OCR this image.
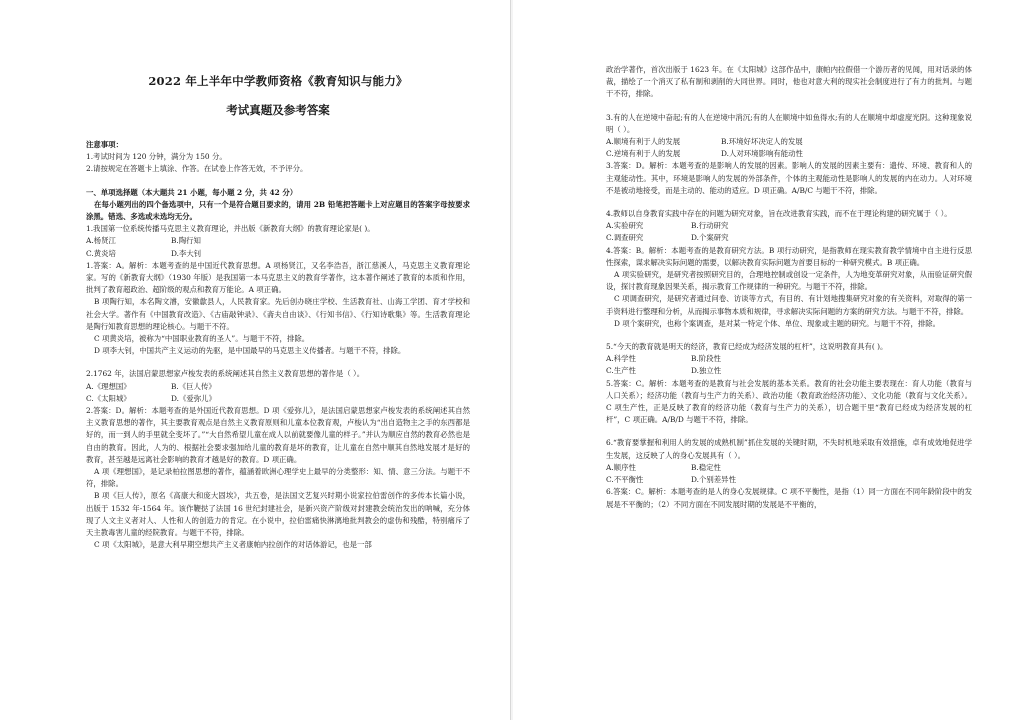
2022 年上半年中学教师资格《教育知识与能力》
考试真题及参考答案

注意事项：

1.考试时间为 120 分钟，满分为 150 分。

2.请按规定在答题卡上填涂、作答。在试卷上作答无效，不予评分。

一、单项选择题（本大题共 21 小题，每小题 2 分，共 42 分）

在每小题列出的四个备选项中，只有一个是符合题目要求的，请用 2B 铅笔把答题卡上对应题目的答案字母按要求涂黑。错选、多选或未选均无分。

1.我国第一位系统传播马克思主义教育理论，并出版《新教育大纲》的教育理论家是( )。

A.杨贤江	B.陶行知
C.黄炎培	D.李大钊

1.答案：A。解析：本题考查的是中国近代教育思想。A 项杨贤江，又名李浩吾，浙江慈溪人，马克思主义教育理论家。写的《新教育大纲》（1930 年版）是我国第一本马克思主义的教育学著作，这本著作阐述了教育的本质和作用，批判了教育超政治、超阶级的观点和教育万能论。A 项正确。

B 项陶行知，本名陶文濬，安徽歙县人，人民教育家。先后创办晓庄学校、生活教育社、山海工学团、育才学校和社会大学。著作有《中国教育改造》、《古庙敲钟录》、《斋夫自由谈》、《行知书信》、《行知诗歌集》等。生活教育理论是陶行知教育思想的理论核心。与题干不符。

C 项黄炎培，被称为“中国职业教育的圣人”。与题干不符，排除。

D 项李大钊，中国共产主义运动的先驱，是中国最早的马克思主义传播者。与题干不符，排除。

2.1762 年，法国启蒙思想家卢梭发表的系统阐述其自然主义教育思想的著作是（ ）。

A.《理想国》	B.《巨人传》
C.《太阳城》	D.《爱弥儿》

2.答案：D。解析：本题考查的是外国近代教育思想。D 项《爱弥儿》，是法国启蒙思想家卢梭发表的系统阐述其自然主义教育思想的著作，其主要教育观点是自然主义教育原则和儿童本位教育观，卢梭认为“出自造物主之手的东西都是好的，而一到人的手里就全变坏了。”“大自然希望儿童在成人以前就要像儿童的样子。”并认为顺应自然的教育必然也是自由的教育。因此，人为的、根据社会要求强加给儿童的教育是坏的教育，让儿童在自然中顺其自然地发展才是好的教育，甚至越是远离社会影响的教育才越是好的教育。D 项正确。

A 项《理想国》，是记录柏拉图思想的著作，蕴涵着欧洲心理学史上最早的分类整形：知、情、意三分法。与题干不符，排除。

B 项《巨人传》，原名《高康大和庞大固埃》，共五卷，是法国文艺复兴时期小说家拉伯雷创作的多传本长篇小说，出版于 1532 年-1564 年。该作鞭挞了法国 16 世纪封建社会，是新兴资产阶级对封建教会统治发出的呐喊，充分体现了人文主义者对人、人性和人的创造力的肯定。在小说中，拉伯雷痛快淋漓地批判教会的虚伪和残酷，特别痛斥了天主教毒害儿童的经院教育。与题干不符，排除。

C 项《太阳城》，是意大利早期空想共产主义者康帕内拉创作的对话体游记，也是一部

政治学著作，首次出版于 1623 年。在《太阳城》这部作品中，康帕内拉假借一个游历者的见闻，用对话录的体裁，描绘了一个消灭了私有制和剥削的大同世界。同时，他也对意大利的现实社会制度进行了有力的批判。与题干不符，排除。

3.有的人在逆境中奋起;有的人在逆境中消沉;有的人在顺境中如鱼得水;有的人在顺境中却虚度光阴。这种现象说明（ ）。

A.顺境有利于人的发展	B.环境好坏决定人的发展
C.逆境有利于人的发展	D.人对环境影响有能动性

3.答案：D。解析：本题考查的是影响人的发展的因素。影响人的发展的因素主要有：遗传、环境、教育和人的主观能动性。其中，环境是影响人的发展的外部条件，个体的主观能动性是影响人的发展的内在动力。人对环境不是被动地接受，而是主动的、能动的适应。D 项正确。A/B/C 与题干不符，排除。

4.教师以自身教育实践中存在的问题为研究对象，旨在改进教育实践，而不在于理论构建的研究属于（ ）。

A.实验研究	B.行动研究
C.调查研究	D.个案研究

4.答案：B。解析：本题考查的是教育研究方法。B 项行动研究，是指教师在现实教育教学情境中自主进行反思性探索，谋求解决实际问题的需要，以解决教育实际问题为首要目标的一种研究模式。B 项正确。

A 项实验研究，是研究者按照研究目的，合理地控制或创设一定条件，人为地变革研究对象，从而验证研究假设，探讨教育现象因果关系，揭示教育工作规律的一种研究。与题干不符，排除。

C 项调查研究，是研究者通过问卷、访谈等方式，有目的、有计划地搜集研究对象的有关资料，对取得的第一手资料进行整理和分析，从而揭示事物本质和规律，寻求解决实际问题的方案的研究方法。与题干不符，排除。

D 项个案研究，也称个案调查，是对某一特定个体、单位、现象或主题的研究。与题干不符，排除。

5.“今天的教育就是明天的经济，教育已经成为经济发展的杠杆”，这说明教育具有( )。

A.科学性	B.阶段性
C.生产性	D.独立性

5.答案：C。解析：本题考查的是教育与社会发展的基本关系。教育的社会功能主要表现在：育人功能（教育与人口关系）；经济功能（教育与生产力的关系）、政治功能（教育政治经济功能）、文化功能（教育与文化关系）。C 项生产性，正是反映了教育的经济功能（教育与生产力的关系），切合题干里“教育已经成为经济发展的杠杆”，C 项正确。A/B/D 与题干不符，排除。

6.“教育要掌握和利用人的发展的成熟机制”抓住发展的关键时期，不失时机地采取有效措施，卓有成效地促进学生发展，这反映了人的身心发展具有（ ）。

A.顺序性	B.稳定性
C.不平衡性	D.个别差异性

6.答案：C。解析：本题考查的是人的身心发展规律。C 项不平衡性，是指（1）同一方面在不同年龄阶段中的发展是不平衡的；（2）不同方面在不同发展时期的发展是不平衡的，
